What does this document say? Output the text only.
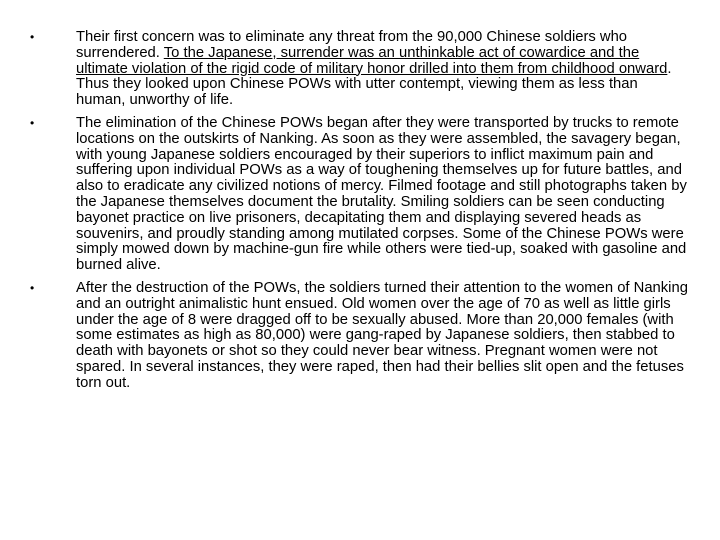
•	Their first concern was to eliminate any threat from the 90,000 Chinese soldiers who surrendered. To the Japanese, surrender was an unthinkable act of cowardice and the ultimate violation of the rigid code of military honor drilled into them from childhood onward. Thus they looked upon Chinese POWs with utter contempt, viewing them as less than human, unworthy of life.
•	The elimination of the Chinese POWs began after they were transported by trucks to remote locations on the outskirts of Nanking. As soon as they were assembled, the savagery began, with young Japanese soldiers encouraged by their superiors to inflict maximum pain and suffering upon individual POWs as a way of toughening themselves up for future battles, and also to eradicate any civilized notions of mercy. Filmed footage and still photographs taken by the Japanese themselves document the brutality. Smiling soldiers can be seen conducting bayonet practice on live prisoners, decapitating them and displaying severed heads as souvenirs, and proudly standing among mutilated corpses. Some of the Chinese POWs were simply mowed down by machine-gun fire while others were tied-up, soaked with gasoline and burned alive.
•	After the destruction of the POWs, the soldiers turned their attention to the women of Nanking and an outright animalistic hunt ensued. Old women over the age of 70 as well as little girls under the age of 8 were dragged off to be sexually abused. More than 20,000 females (with some estimates as high as 80,000) were gang-raped by Japanese soldiers, then stabbed to death with bayonets or shot so they could never bear witness. Pregnant women were not spared. In several instances, they were raped, then had their bellies slit open and the fetuses torn out.
